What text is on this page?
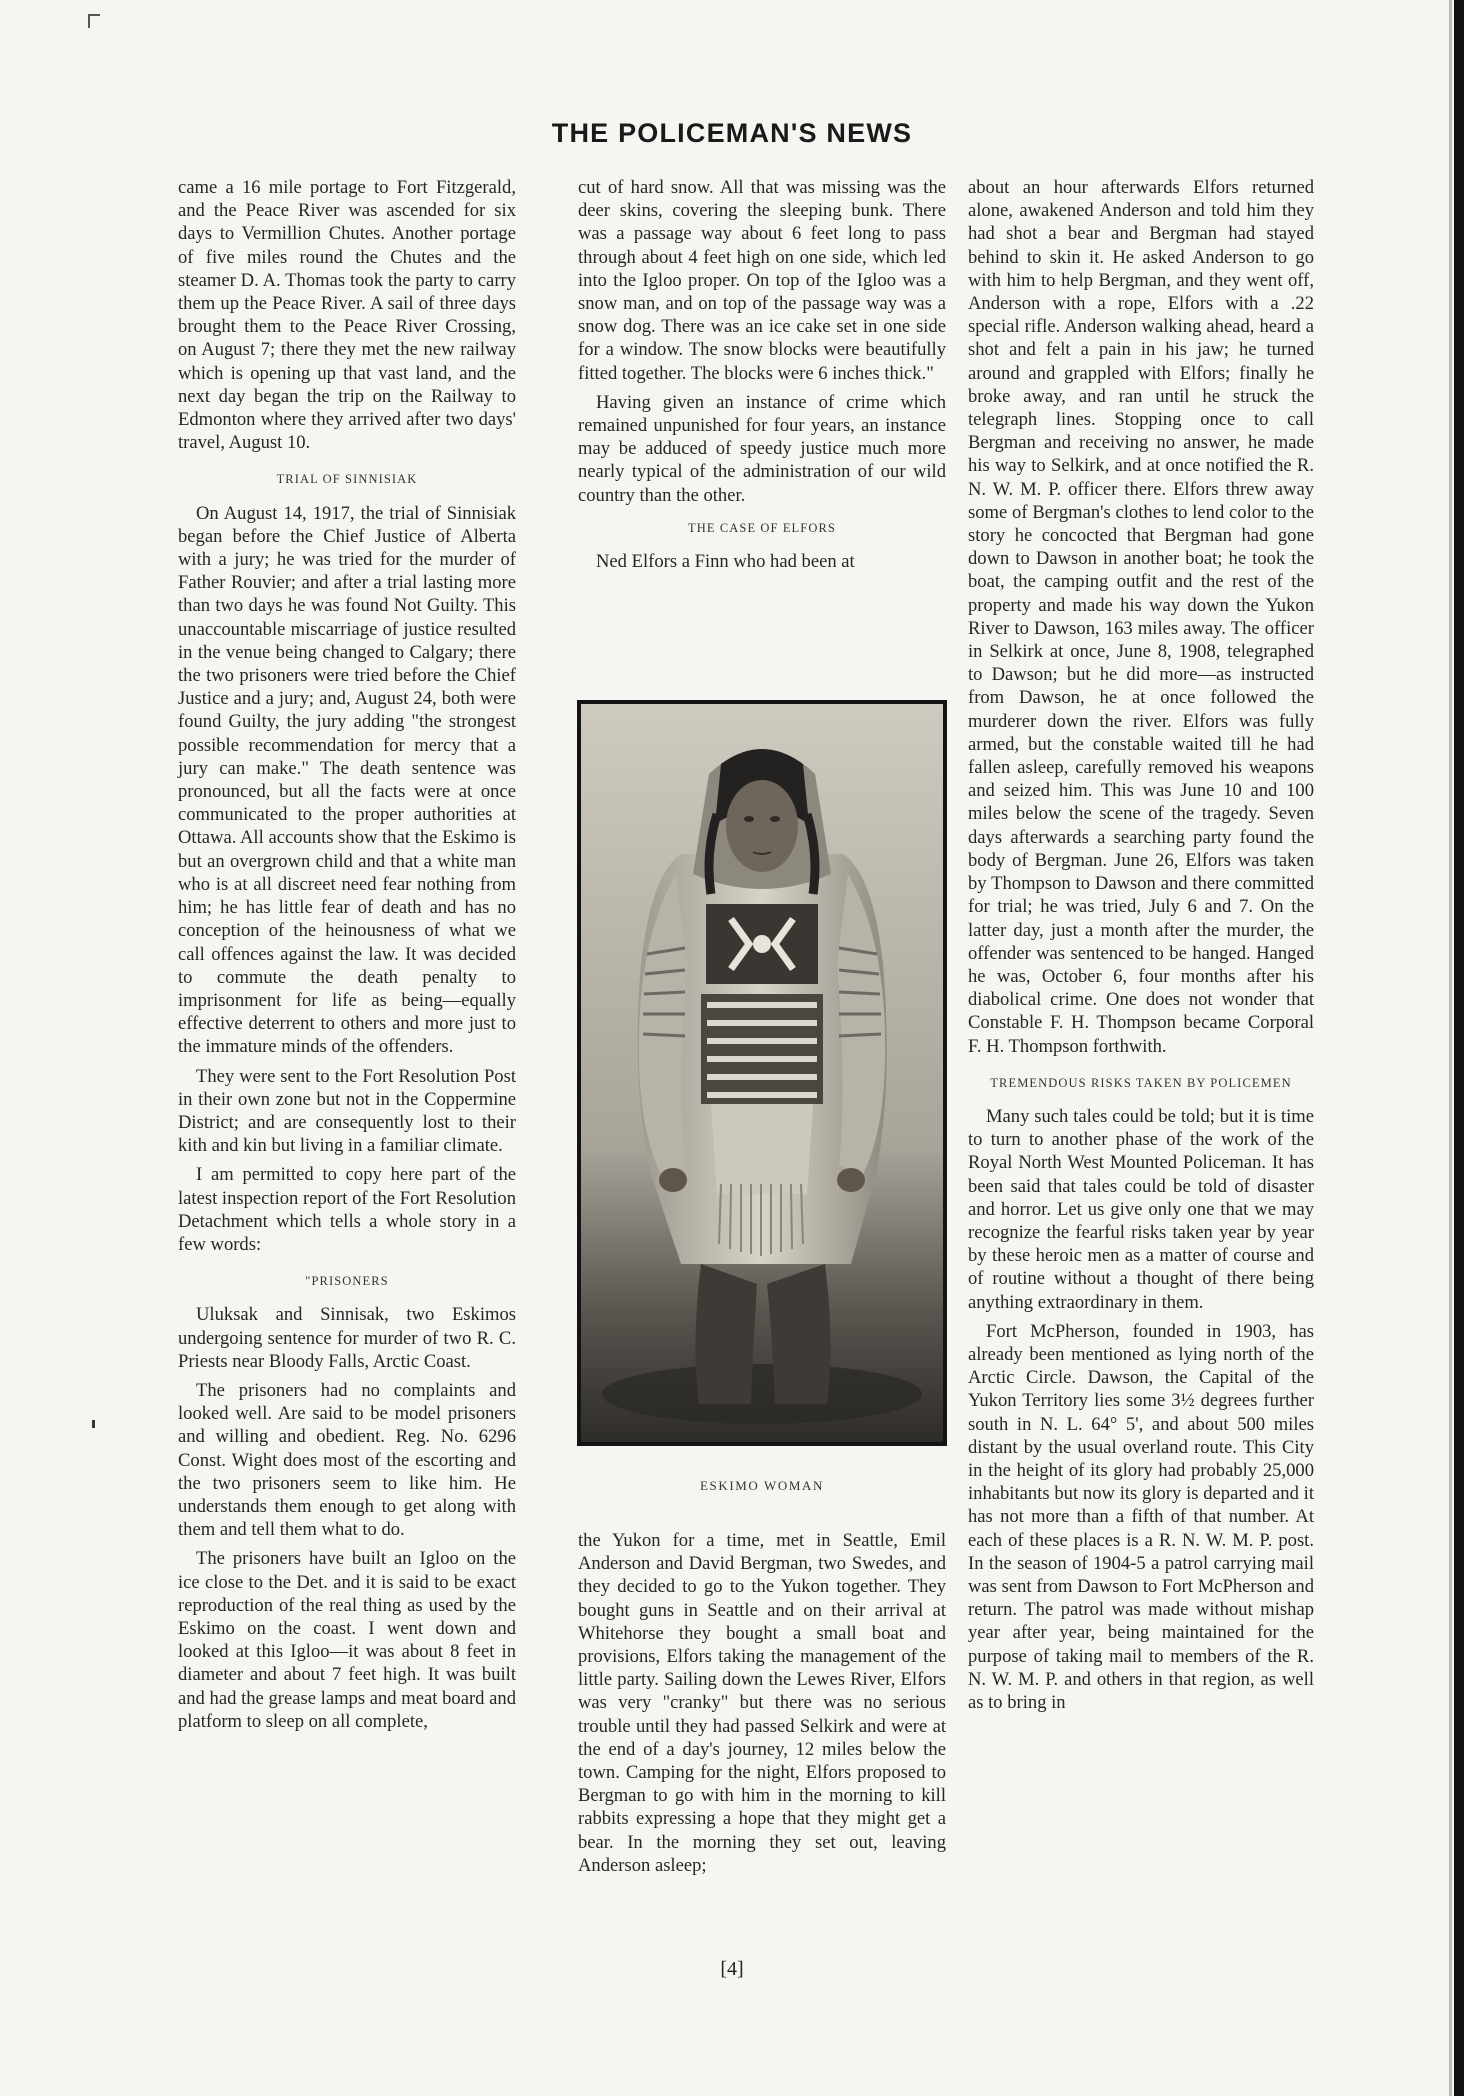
THE POLICEMAN'S NEWS

came a 16 mile portage to Fort Fitzgerald, and the Peace River was ascended for six days to Vermillion Chutes. Another portage of five miles round the Chutes and the steamer D. A. Thomas took the party to carry them up the Peace River. A sail of three days brought them to the Peace River Crossing, on August 7; there they met the new railway which is opening up that vast land, and the next day began the trip on the Railway to Edmonton where they arrived after two days' travel, August 10.

TRIAL OF SINNISIAK

On August 14, 1917, the trial of Sinnisiak began before the Chief Justice of Alberta with a jury; he was tried for the murder of Father Rouvier; and after a trial lasting more than two days he was found Not Guilty. This unaccountable miscarriage of justice resulted in the venue being changed to Calgary; there the two prisoners were tried before the Chief Justice and a jury; and, August 24, both were found Guilty, the jury adding "the strongest possible recommendation for mercy that a jury can make." The death sentence was pronounced, but all the facts were at once communicated to the proper authorities at Ottawa. All accounts show that the Eskimo is but an overgrown child and that a white man who is at all discreet need fear nothing from him; he has little fear of death and has no conception of the heinousness of what we call offences against the law. It was decided to commute the death penalty to imprisonment for life as being—equally effective deterrent to others and more just to the immature minds of the offenders.

They were sent to the Fort Resolution Post in their own zone but not in the Coppermine District; and are consequently lost to their kith and kin but living in a familiar climate.

I am permitted to copy here part of the latest inspection report of the Fort Resolution Detachment which tells a whole story in a few words:

"PRISONERS

Uluksak and Sinnisak, two Eskimos undergoing sentence for murder of two R. C. Priests near Bloody Falls, Arctic Coast.

The prisoners had no complaints and looked well. Are said to be model prisoners and willing and obedient. Reg. No. 6296 Const. Wight does most of the escorting and the two prisoners seem to like him. He understands them enough to get along with them and tell them what to do.

The prisoners have built an Igloo on the ice close to the Det. and it is said to be exact reproduction of the real thing as used by the Eskimo on the coast. I went down and looked at this Igloo—it was about 8 feet in diameter and about 7 feet high. It was built and had the grease lamps and meat board and platform to sleep on all complete,

cut of hard snow. All that was missing was the deer skins, covering the sleeping bunk. There was a passage way about 6 feet long to pass through about 4 feet high on one side, which led into the Igloo proper. On top of the Igloo was a snow man, and on top of the passage way was a snow dog. There was an ice cake set in one side for a window. The snow blocks were beautifully fitted together. The blocks were 6 inches thick."

Having given an instance of crime which remained unpunished for four years, an instance may be adduced of speedy justice much more nearly typical of the administration of our wild country than the other.

THE CASE OF ELFORS

Ned Elfors a Finn who had been at

ESKIMO WOMAN

the Yukon for a time, met in Seattle, Emil Anderson and David Bergman, two Swedes, and they decided to go to the Yukon together. They bought guns in Seattle and on their arrival at Whitehorse they bought a small boat and provisions, Elfors taking the management of the little party. Sailing down the Lewes River, Elfors was very "cranky" but there was no serious trouble until they had passed Selkirk and were at the end of a day's journey, 12 miles below the town. Camping for the night, Elfors proposed to Bergman to go with him in the morning to kill rabbits expressing a hope that they might get a bear. In the morning they set out, leaving Anderson asleep;

about an hour afterwards Elfors returned alone, awakened Anderson and told him they had shot a bear and Bergman had stayed behind to skin it. He asked Anderson to go with him to help Bergman, and they went off, Anderson with a rope, Elfors with a .22 special rifle. Anderson walking ahead, heard a shot and felt a pain in his jaw; he turned around and grappled with Elfors; finally he broke away, and ran until he struck the telegraph lines. Stopping once to call Bergman and receiving no answer, he made his way to Selkirk, and at once notified the R. N. W. M. P. officer there. Elfors threw away some of Bergman's clothes to lend color to the story he concocted that Bergman had gone down to Dawson in another boat; he took the boat, the camping outfit and the rest of the property and made his way down the Yukon River to Dawson, 163 miles away. The officer in Selkirk at once, June 8, 1908, telegraphed to Dawson; but he did more—as instructed from Dawson, he at once followed the murderer down the river. Elfors was fully armed, but the constable waited till he had fallen asleep, carefully removed his weapons and seized him. This was June 10 and 100 miles below the scene of the tragedy. Seven days afterwards a searching party found the body of Bergman. June 26, Elfors was taken by Thompson to Dawson and there committed for trial; he was tried, July 6 and 7. On the latter day, just a month after the murder, the offender was sentenced to be hanged. Hanged he was, October 6, four months after his diabolical crime. One does not wonder that Constable F. H. Thompson became Corporal F. H. Thompson forthwith.

TREMENDOUS RISKS TAKEN BY POLICEMEN

Many such tales could be told; but it is time to turn to another phase of the work of the Royal North West Mounted Policeman. It has been said that tales could be told of disaster and horror. Let us give only one that we may recognize the fearful risks taken year by year by these heroic men as a matter of course and of routine without a thought of there being anything extraordinary in them.

Fort McPherson, founded in 1903, has already been mentioned as lying north of the Arctic Circle. Dawson, the Capital of the Yukon Territory lies some 3½ degrees further south in N. L. 64° 5', and about 500 miles distant by the usual overland route. This City in the height of its glory had probably 25,000 inhabitants but now its glory is departed and it has not more than a fifth of that number. At each of these places is a R. N. W. M. P. post. In the season of 1904-5 a patrol carrying mail was sent from Dawson to Fort McPherson and return. The patrol was made without mishap year after year, being maintained for the purpose of taking mail to members of the R. N. W. M. P. and others in that region, as well as to bring in

[4]
